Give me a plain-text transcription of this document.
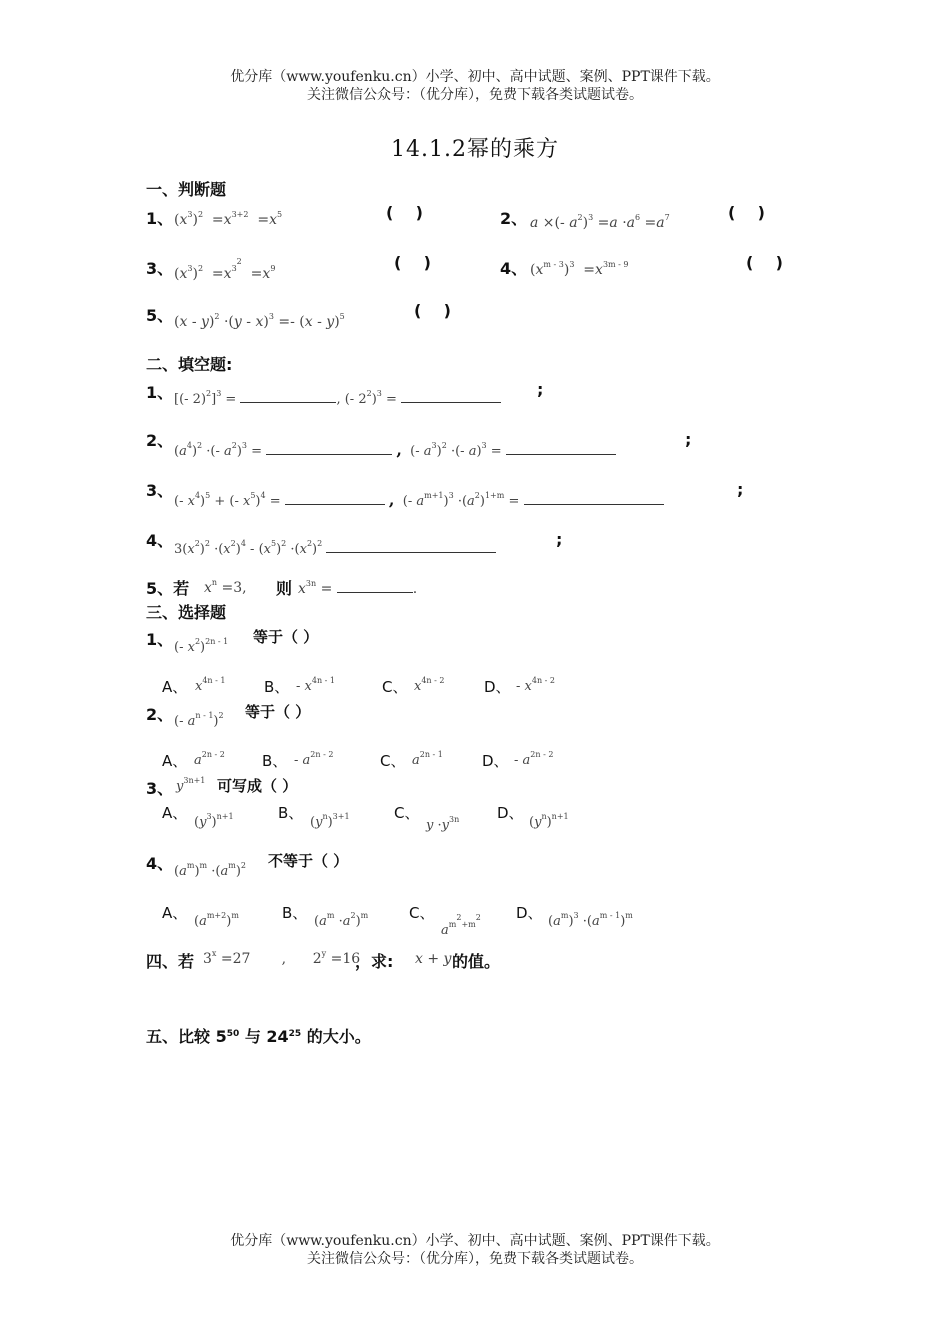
优分库（www.youfenku.cn）小学、初中、高中试题、案例、PPT课件下载。
关注微信公众号：（优分库），免费下载各类试题试卷。
14.1.2幂的乘方
一、判断题
1、 $(x^3)^2 =x^{3+2} =x^5$	(    )	2、 a ×(- $a^2)^3 =a \cdot a^6 =a^7$	(    )
3、 $(x^3)^2 =x^{3^2} =x^9$	(    )	4、 $(x^{m - 3})^3 =x^{3m - 9}$	(    )
5、 (x - y)$^2$ ·(y - x)$^3$ =- (x - y)$^5$	(    )
二、填空题:
1、 [(- 2)$^2$]$^3$ =	, (- $2^2)^3$ =
;
2、
$(a^4)^2$ ·(- $a^2)^3$ =	,  (- $a^3)^2$ ·(- a)$^3$ =
;
3、
(- $x^4)^5$ + (- $x^5)^4$ =	,  (- $a^{m+1})^3 \cdot(a^2)^{1+m}$ =
;
4、 $3(x^2)^2 \cdot(x^2)^4 - (x^5)^2 \cdot(x^2)^2$	;
5、若 $x^n =3$, 则 $x^{3n}$ =	.
三、选择题
1、 (- $x^2)^{2n - 1}$ 等于（ ）
A、 $x^{4n - 1}$	B、 - $x^{4n - 1}$	C、 $x^{4n - 2}$	D、 - $x^{4n - 2}$
2、 (- $a^{n - 1})^2$ 等于（ ）
A、 $a^{2n - 2}$ B、 - $a^{2n - 2}$	C、 $a^{2n - 1}$	D、 - $a^{2n - 2}$
3、 $y^{3n+1}$ 可写成（ ）
A、
$(y^3)^{n+1}$	B、
$(y^n)^{3+1}$	C、
$y \cdot y^{3n}$	D、
$(y^n)^{n+1}$
4、 $(a^m)^m \cdot(a^m)^2$ 不等于（ ）
A、 $(a^{m+2})^m$	B、 $(a^m \cdot a^2)^m$	C、
$a^{m^2+m^2}$ D、 $(a^m)^3 \cdot(a^{m - 1})^m$
四、若 $3^x =27$       ,      $2^y =16$
，求: x + y 的值。
五、比较 $5^{50}$ 与 $24^{25}$ 的大小。
优分库（www.youfenku.cn）小学、初中、高中试题、案例、PPT课件下载。
关注微信公众号：（优分库），免费下载各类试题试卷。
